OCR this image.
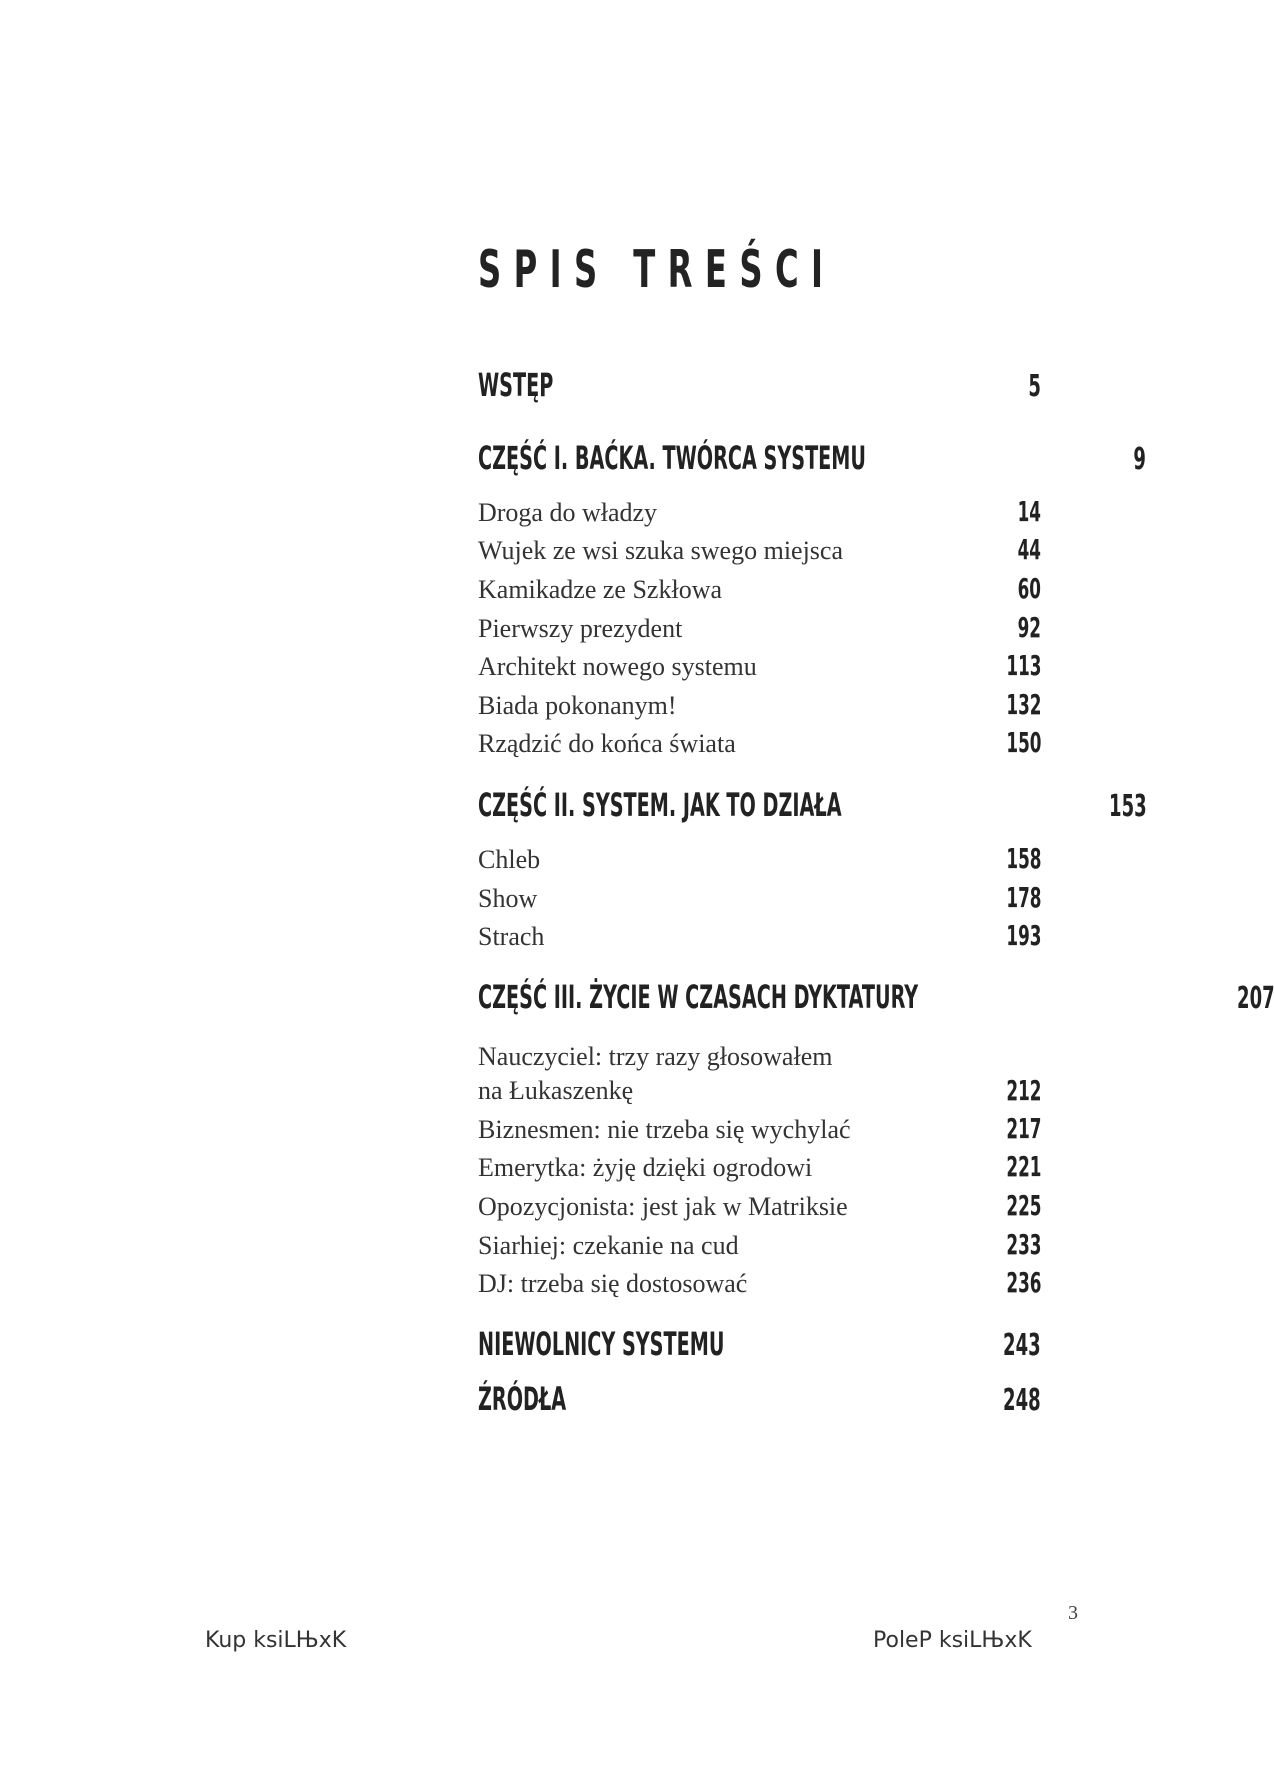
SPIS TREŚCI
WSTĘP	5
CZĘŚĆ I. BAĆKA. TWÓRCA SYSTEMU	9
Droga do władzy	14
Wujek ze wsi szuka swego miejsca	44
Kamikadze ze Szkłowa	60
Pierwszy prezydent	92
Architekt nowego systemu	113
Biada pokonanym!	132
Rządzić do końca świata	150
CZĘŚĆ II. SYSTEM. JAK TO DZIAŁA	153
Chleb	158
Show	178
Strach	193
CZĘŚĆ III. ŻYCIE W CZASACH DYKTATURY	207
Nauczyciel: trzy razy głosowałem
na Łukaszenkę	212
Biznesmen: nie trzeba się wychylać	217
Emerytka: żyję dzięki ogrodowi	221
Opozycjonista: jest jak w Matriksie	225
Siarhiej: czekanie na cud	233
DJ: trzeba się dostosować	236
NIEWOLNICY SYSTEMU	243
ŹRÓDŁA	248
3
Kup ksiLЊxK	PoleP ksiLЊxK
